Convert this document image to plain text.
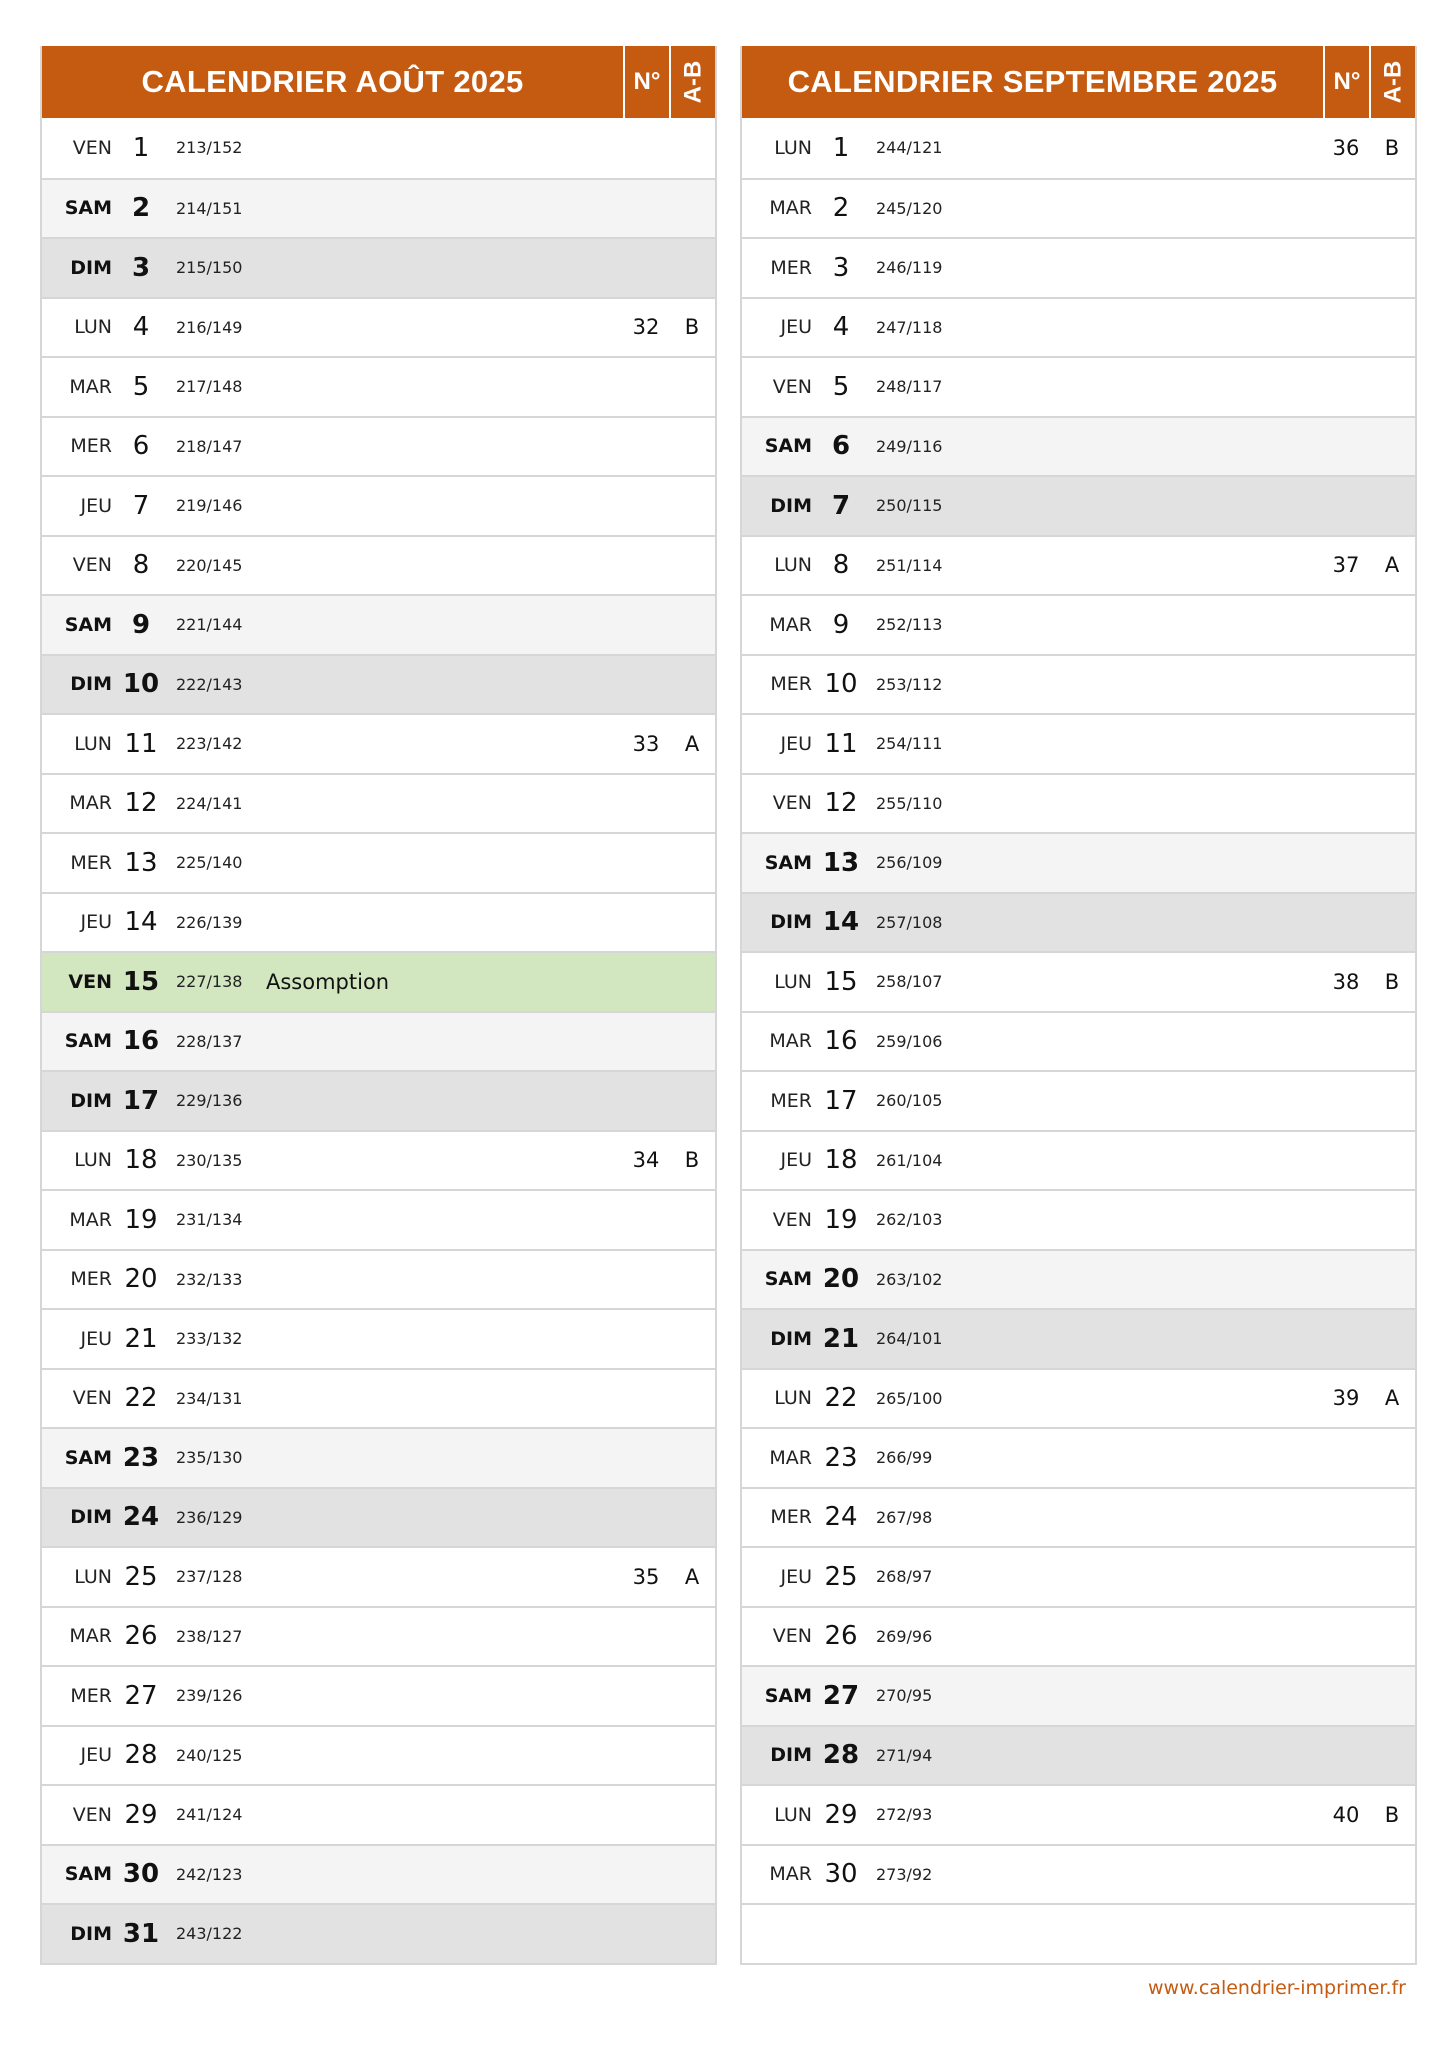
CALENDRIER AOÛT 2025	N° A-B
VEN 1	213/152
SAM 2	214/151
DIM 3	215/150
LUN 4	216/149	32	B
MAR 5	217/148
MER 6	218/147
JEU 7	219/146
VEN 8	220/145
SAM 9	221/144
DIM 10	222/143
LUN 11	223/142	33	A
MAR 12	224/141
MER 13	225/140
JEU 14	226/139
VEN 15	227/138	Assomption
SAM 16	228/137
DIM 17	229/136
LUN 18	230/135	34	B
MAR 19	231/134
MER 20	232/133
JEU 21	233/132
VEN 22	234/131
SAM 23	235/130
DIM 24	236/129
LUN 25	237/128	35	A
MAR 26	238/127
MER 27	239/126
JEU 28	240/125
VEN 29	241/124
SAM 30	242/123
DIM 31	243/122
CALENDRIER SEPTEMBRE 2025	N° A-B
LUN 1	244/121	36	B
MAR 2	245/120
MER 3	246/119
JEU 4	247/118
VEN 5	248/117
SAM 6	249/116
DIM 7	250/115
LUN 8	251/114	37	A
MAR 9	252/113
MER 10	253/112
JEU 11	254/111
VEN 12	255/110
SAM 13	256/109
DIM 14	257/108
LUN 15	258/107	38	B
MAR 16	259/106
MER 17	260/105
JEU 18	261/104
VEN 19	262/103
SAM 20	263/102
DIM 21	264/101
LUN 22	265/100	39	A
MAR 23	266/99
MER 24	267/98
JEU 25	268/97
VEN 26	269/96
SAM 27	270/95
DIM 28	271/94
LUN 29	272/93	40	B
MAR 30	273/92
www.calendrier-imprimer.fr
